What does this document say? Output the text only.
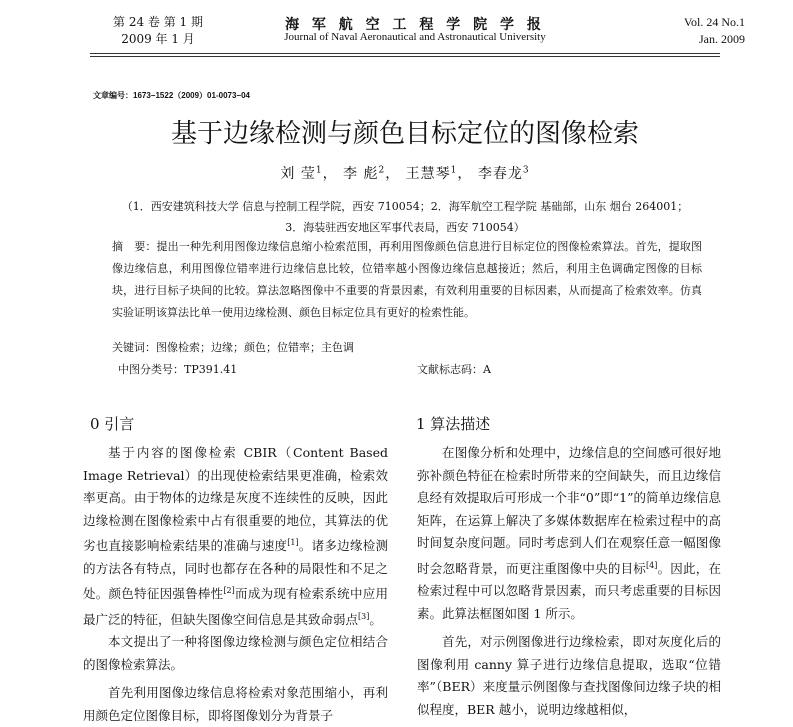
第 24 卷 第 1 期
2009 年 1 月
海 军 航 空 工 程 学 院 学 报
Journal of Naval Aeronautical and Astronautical University
Vol. 24 No.1
Jan. 2009
文章编号：1673−1522（2009）01-0073−04
基于边缘检测与颜色目标定位的图像检索
刘 莹$^1$， 李 彪$^2$， 王慧琴$^1$， 李春龙$^3$
（1．西安建筑科技大学 信息与控制工程学院，西安 710054；2．海军航空工程学院 基础部，山东 烟台 264001；
3．海装驻西安地区军事代表局，西安 710054）

摘　要：提出一种先利用图像边缘信息缩小检索范围，再利用图像颜色信息进行目标定位的图像检索算法。首先，提取图像边缘信息，利用图像位错率进行边缘信息比较，位错率越小图像边缘信息越接近；然后，利用主色调确定图像的目标块，进行目标子块间的比较。算法忽略图像中不重要的背景因素，有效利用重要的目标因素，从而提高了检索效率。仿真实验证明该算法比单一使用边缘检测、颜色目标定位具有更好的检索性能。

关键词：图像检索；边缘；颜色；位错率；主色调
中图分类号：TP391.41	文献标志码：A
0 引言

基于内容的图像检索 CBIR（Content Based Image Retrieval）的出现使检索结果更准确，检索效率更高。由于物体的边缘是灰度不连续性的反映，因此边缘检测在图像检索中占有很重要的地位，其算法的优劣也直接影响检索结果的准确与速度[1]。诸多边缘检测的方法各有特点，同时也都存在各种的局限性和不足之处。颜色特征因强鲁棒性[2]而成为现有检索系统中应用最广泛的特征，但缺失图像空间信息是其致命弱点[3]。

本文提出了一种将图像边缘检测与颜色定位相结合的图像检索算法。

首先利用图像边缘信息将检索对象范围缩小，再利用颜色定位图像目标，即将图像划分为背景子

1 算法描述

在图像分析和处理中，边缘信息的空间感可很好地弥补颜色特征在检索时所带来的空间缺失，而且边缘信息经有效提取后可形成一个非“0”即“1”的简单边缘信息矩阵，在运算上解决了多媒体数据库在检索过程中的高时间复杂度问题。同时考虑到人们在观察任意一幅图像时会忽略背景，而更注重图像中央的目标[4]。因此，在检索过程中可以忽略背景因素，而只考虑重要的目标因素。此算法框图如图 1 所示。

首先，对示例图像进行边缘检索，即对灰度化后的图像利用 canny 算子进行边缘信息提取，选取“位错率”（BER）来度量示例图像与查找图像间边缘子块的相似程度，BER 越小，说明边缘越相似，
